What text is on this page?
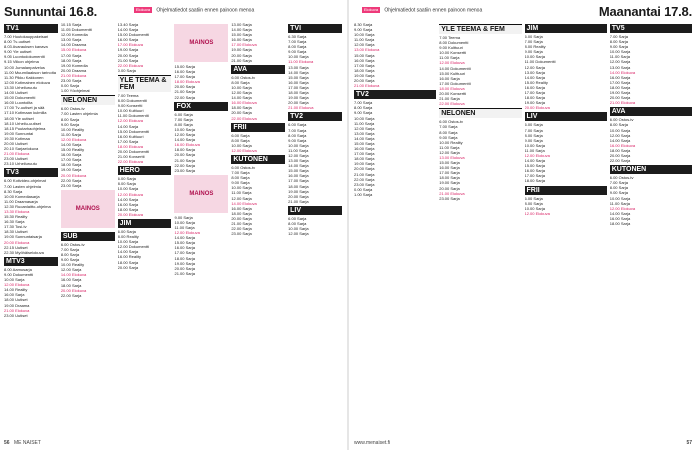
Sunnuntai 16.8.	Elokuva Ohjelmatiedot saatiin ennen painoon menoa
TV1
7.00 Huutokauppakeisari
8.00 Tv-uutiset
8.03 Avarauksen kanava
9.00 Yle uutiset
9.05 Luontodokumentti
9.15 Viikon ohjelma
10.00 Jumalanpalvelus
11.00 Muumilaakson tarinoita
11.30 Pikku Kakkonen
12.00 Kotimainen elokuva
13.30 Urheiluruutu
14.00 Uutiset
15.00 Dokumentti
16.00 Luontoilta
17.00 Tv-uutiset ja sää
17.10 Kotimaan kulmilla
18.00 Yle uutiset
18.10 Urheilu-uutiset
18.15 Puutarhaohjelma
19.00 Sunnuntai
19.30 Kotimaa
20.00 Uutiset
20.10 Sarjaelokuva
21.00 Elokuva
23.00 Uutiset
23.10 Urheiluruutu
TV3
6.00 Kotivideo-ohjelmat
7.00 Lasten ohjelmia
8.30 Sarja
10.00 Komediasarja
11.00 Draamasarja
12.30 Ruoanlaitto-ohjelma
13.30 Elokuva
15.30 Reality
16.30 Sarja
17.30 Tosi-tv
18.30 Uutiset
19.00 Sunnuntaisarja
20.00 Elokuva
22.15 Uutiset
22.30 Myöhäiselokuva
MTV3
8.00 Aamusarja
9.00 Dokumentti
10.00 Sarja
12.00 Elokuva
14.00 Reality
16.00 Sarja
18.00 Uutiset
19.00 Draama
21.00 Elokuva
23.00 Uutiset
10.15 Sarja
11.05 Dokumentti
12.00 Komedia
13.00 Sarja
14.00 Draama
15.00 Elokuva
17.00 Sarja
18.00 Sarja
19.00 Komedia
20.00 Draama
21.00 Elokuva
23.00 Sarja
0.00 Sarja
1.00 Yöohjelmat
NELONEN
6.00 Ostos-tv
7.00 Lasten ohjelmia
8.00 Sarja
9.00 Sarja
10.00 Reality
11.00 Sarja
12.00 Elokuva
14.00 Sarja
15.00 Reality
16.00 Sarja
17.00 Sarja
18.00 Sarja
19.00 Sarja
20.00 Elokuva
22.00 Sarja
23.00 Sarja
MAINOS
SUB
6.00 Ostos-tv
7.00 Sarja
8.00 Sarja
9.00 Sarja
10.00 Reality
12.00 Sarja
14.00 Elokuva
16.00 Sarja
18.00 Sarja
20.00 Elokuva
22.00 Sarja
13.40 Sarja
14.00 Sarja
15.00 Dokumentti
16.00 Sarja
17.00 Elokuva
19.00 Sarja
20.00 Sarja
21.00 Sarja
22.00 Elokuva
0.00 Sarja
YLE TEEMA & FEM
7.00 Teema
8.00 Dokumentti
9.00 Konsertti
10.00 Kulttuuri
11.00 Dokumentti
12.00 Elokuva
14.00 Sarja
15.00 Dokumentti
16.00 Kulttuuri
17.00 Sarja
18.00 Elokuva
20.00 Dokumentti
21.00 Konsertti
22.00 Elokuva
HERO
6.00 Sarja
8.00 Sarja
10.00 Sarja
12.00 Elokuva
14.00 Sarja
16.00 Sarja
18.00 Sarja
20.00 Elokuva
JIM
6.00 Sarja
8.00 Reality
10.00 Sarja
12.00 Dokumentti
14.00 Sarja
16.00 Reality
18.00 Sarja
20.00 Sarja
MAINOS
15.00 Sarja
16.00 Sarja
17.00 Sarja
18.00 Elokuva
20.00 Sarja
21.00 Sarja
22.00 Sarja
FOX
6.00 Sarja
7.00 Sarja
8.00 Sarja
10.00 Sarja
12.00 Sarja
14.00 Sarja
16.00 Elokuva
18.00 Sarja
20.00 Sarja
21.00 Sarja
22.00 Sarja
23.00 Sarja
MAINOS
9.00 Sarja
10.00 Sarja
11.00 Sarja
12.00 Elokuva
14.00 Sarja
15.00 Sarja
16.00 Sarja
17.00 Sarja
18.00 Sarja
19.00 Sarja
20.00 Sarja
21.00 Sarja
13.00 Sarja
14.00 Sarja
15.00 Sarja
16.00 Sarja
17.00 Elokuva
19.00 Sarja
20.00 Sarja
21.00 Sarja
AVA
6.00 Ostos-tv
8.00 Sarja
10.00 Sarja
12.00 Sarja
14.00 Sarja
16.00 Elokuva
18.00 Sarja
20.00 Sarja
22.00 Elokuva
FRII
6.00 Sarja
8.00 Sarja
10.00 Sarja
12.00 Elokuva
KUTONEN
6.00 Ostos-tv
7.00 Sarja
8.00 Sarja
9.00 Sarja
10.00 Sarja
11.00 Sarja
12.00 Sarja
14.00 Elokuva
16.00 Sarja
18.00 Sarja
20.00 Sarja
21.00 Sarja
22.00 Sarja
23.00 Sarja
TVI
6.30 Sarja
7.00 Sarja
8.00 Sarja
9.00 Sarja
10.00 Sarja
11.00 Elokuva
13.00 Sarja
14.00 Sarja
15.00 Sarja
16.00 Sarja
17.00 Sarja
18.00 Sarja
19.00 Sarja
20.00 Sarja
21.00 Elokuva
TV2
6.00 Sarja
7.00 Sarja
8.00 Sarja
9.00 Sarja
10.00 Sarja
11.00 Sarja
12.00 Sarja
13.00 Sarja
14.00 Sarja
15.00 Sarja
16.00 Sarja
17.00 Sarja
18.00 Sarja
19.00 Sarja
20.00 Sarja
21.00 Sarja
LIV
6.00 Sarja
8.00 Sarja
10.00 Sarja
12.00 Sarja
56 ME NAISET
Elokuva Ohjelmatiedot saatiin ennen painoon menoa	Maanantai 17.8.
8.30 Sarja
9.00 Sarja
10.00 Sarja
11.00 Sarja
12.00 Sarja
13.00 Elokuva
15.00 Sarja
16.00 Sarja
17.00 Sarja
18.00 Sarja
19.00 Sarja
20.00 Sarja
21.00 Elokuva
TV2
7.00 Sarja
8.00 Sarja
9.00 Sarja
10.00 Sarja
11.00 Sarja
12.00 Sarja
13.00 Sarja
14.00 Sarja
15.00 Sarja
16.00 Sarja
17.00 Sarja
18.00 Sarja
19.00 Sarja
20.00 Sarja
21.00 Sarja
22.00 Sarja
23.00 Sarja
0.00 Sarja
1.00 Sarja
YLE TEEMA & FEM
7.00 Teema
8.00 Dokumentti
9.00 Kulttuuri
10.00 Konsertti
11.00 Sarja
12.00 Elokuva
14.00 Dokumentti
15.00 Kulttuuri
16.00 Sarja
17.00 Dokumentti
18.00 Elokuva
20.00 Konsertti
21.00 Sarja
22.00 Elokuva
NELONEN
6.00 Ostos-tv
7.00 Sarja
8.00 Sarja
9.00 Sarja
10.00 Reality
11.00 Sarja
12.00 Sarja
13.00 Elokuva
15.00 Sarja
16.00 Sarja
17.00 Sarja
18.00 Sarja
19.00 Sarja
20.00 Sarja
21.00 Elokuva
23.00 Sarja
JIM
6.00 Sarja
7.00 Sarja
8.00 Reality
9.00 Sarja
10.00 Sarja
11.00 Dokumentti
12.00 Sarja
13.00 Sarja
14.00 Sarja
15.00 Reality
16.00 Sarja
17.00 Sarja
18.00 Sarja
19.00 Sarja
20.00 Elokuva
LIV
6.00 Sarja
7.00 Sarja
8.00 Sarja
9.00 Sarja
10.00 Sarja
11.00 Sarja
12.00 Elokuva
14.00 Sarja
15.00 Sarja
16.00 Sarja
17.00 Sarja
18.00 Sarja
FRII
6.00 Sarja
8.00 Sarja
10.00 Sarja
12.00 Elokuva
TV5
7.00 Sarja
8.00 Sarja
9.00 Sarja
10.00 Sarja
11.00 Sarja
12.00 Sarja
13.00 Sarja
14.00 Elokuva
16.00 Sarja
17.00 Sarja
18.00 Sarja
19.00 Sarja
20.00 Sarja
21.00 Elokuva
AVA
6.00 Ostos-tv
8.00 Sarja
10.00 Sarja
12.00 Sarja
14.00 Sarja
16.00 Elokuva
18.00 Sarja
20.00 Sarja
22.00 Sarja
KUTONEN
6.00 Ostos-tv
7.00 Sarja
8.00 Sarja
9.00 Sarja
10.00 Sarja
11.00 Sarja
12.00 Elokuva
14.00 Sarja
16.00 Sarja
18.00 Sarja
www.menaiset.fi	57
